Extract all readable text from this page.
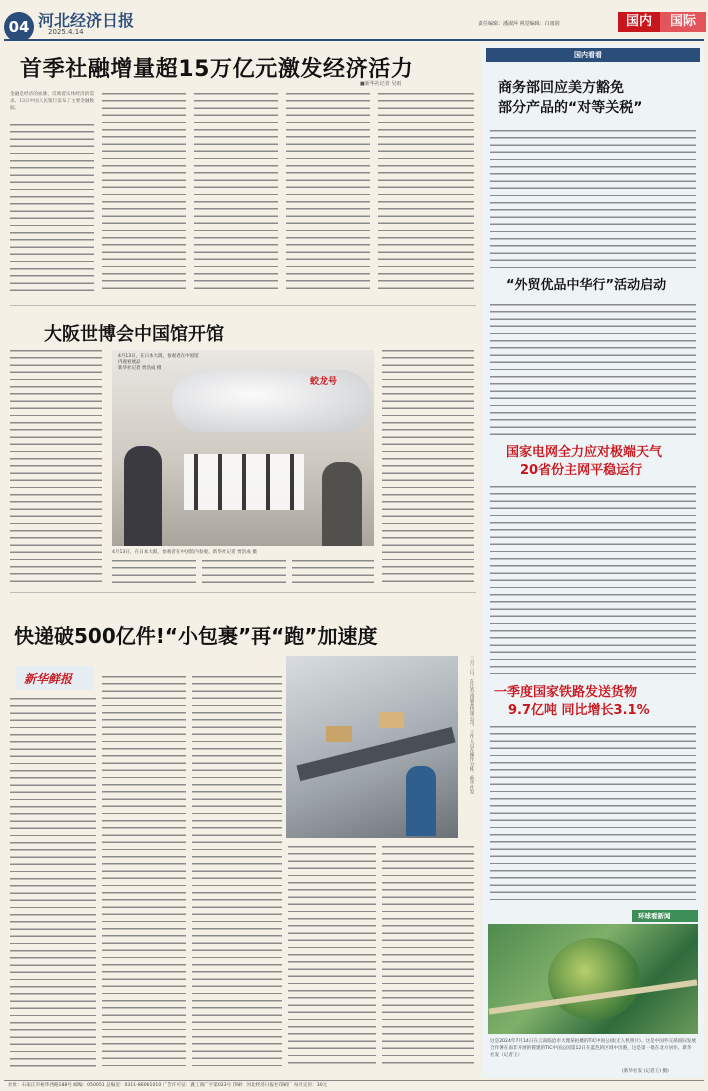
04 河北经济日报
2025.4.14
责任编辑：潘淑萍 视觉编辑：白雨润	国内	国际
首季社融增量超15万亿元激发经济活力
■新华社记者 吴雨
金融是经济的血脉，反映着实体经济的需求。13日中国人民银行发布了主要金融数据。
大阪世博会中国馆开馆
蛟龙号
4月13日，在日本大阪，参观者在中国馆内观看展品
新华社记者 贾浩成 摄
4月13日，在日本大阪，参观者在中国馆内参观。新华社记者 贾浩成 摄
快递破500亿件!“小包裹”再“跑”加速度
新华鲜报	三月三日，在江苏南通某快递公司，工作人员在操作分拣。新华社发
国内看看
商务部回应美方豁免
部分产品的“对等关税”
“外贸优品中华行”活动启动
国家电网全力应对极端天气
20省份主网平稳运行
一季度国家铁路发送货物
9.7亿吨 同比增长3.1%
环球看新闻
这是2024年7月14日在云南临沧市大理某拍摄的TIC中国公园(无人机照片)。这是中国外交部国际发展合作署在南非开展的援建的TIC中国公园第12日在蓝色的区域中出港，这是第一批在北方居住。新华社发（记者王）
(新华社发 (记者王) 摄)
社址：石家庄市裕华西路188号 邮编：050051 总编室：0311-86061010 广告许可证：冀工商广字第023号 印刷：河北经济日报社印刷厂 每月定价：30元
